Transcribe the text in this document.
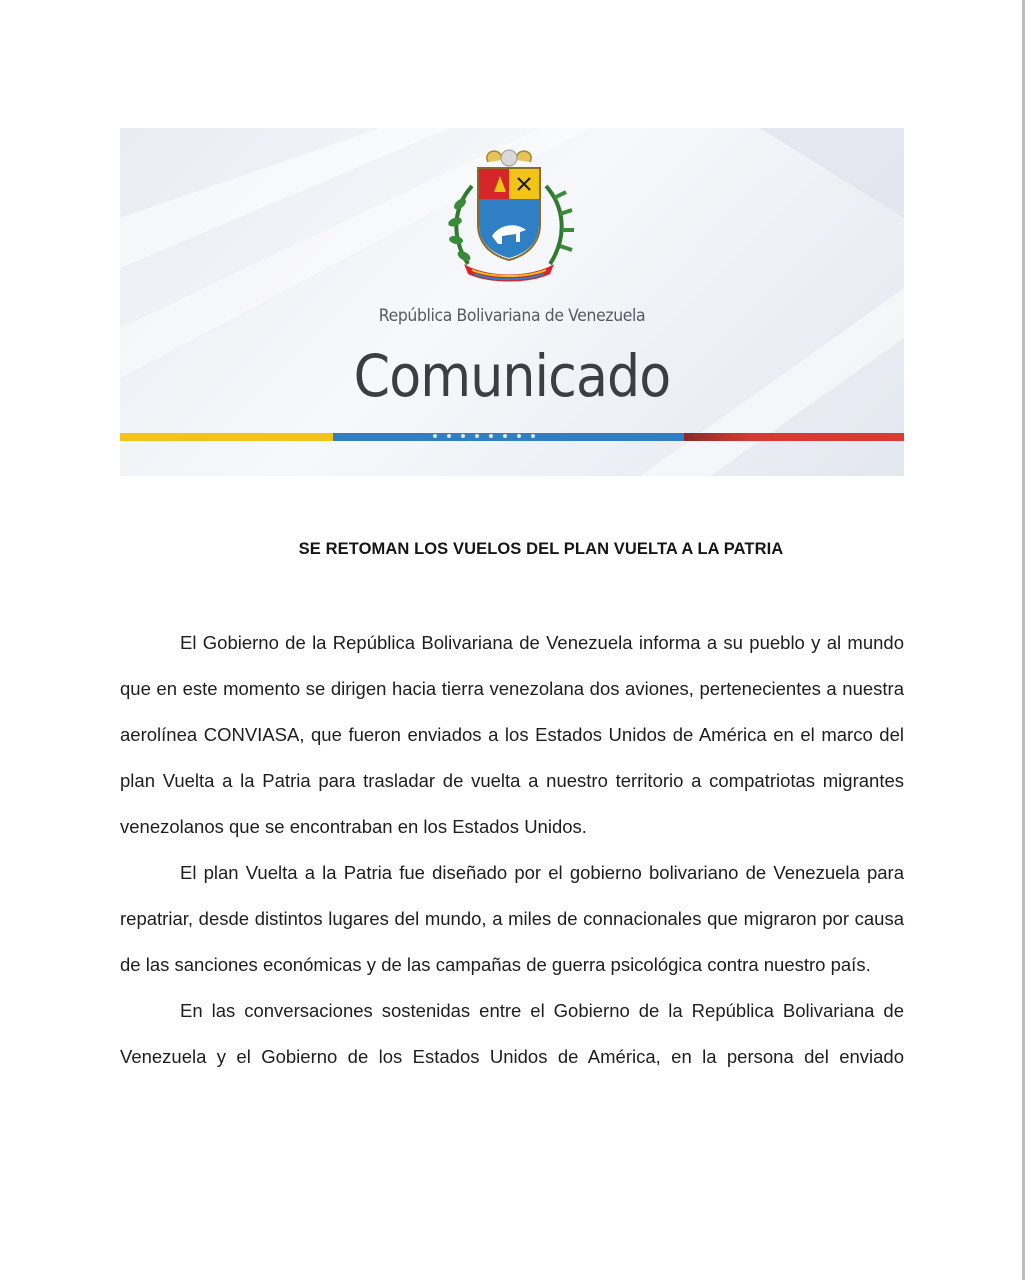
República Bolivariana de Venezuela
Comunicado
SE RETOMAN LOS VUELOS DEL PLAN VUELTA A LA PATRIA

El Gobierno de la República Bolivariana de Venezuela informa a su pueblo y al mundo que en este momento se dirigen hacia tierra venezolana dos aviones, pertenecientes a nuestra aerolínea CONVIASA, que fueron enviados a los Estados Unidos de América en el marco del plan Vuelta a la Patria para trasladar de vuelta a nuestro territorio a compatriotas migrantes venezolanos que se encontraban en los Estados Unidos.

El plan Vuelta a la Patria fue diseñado por el gobierno bolivariano de Venezuela para repatriar, desde distintos lugares del mundo, a miles de connacionales que migraron por causa de las sanciones económicas y de las campañas de guerra psicológica contra nuestro país.

En las conversaciones sostenidas entre el Gobierno de la República Bolivariana de Venezuela y el Gobierno de los Estados Unidos de América, en la persona del enviado
